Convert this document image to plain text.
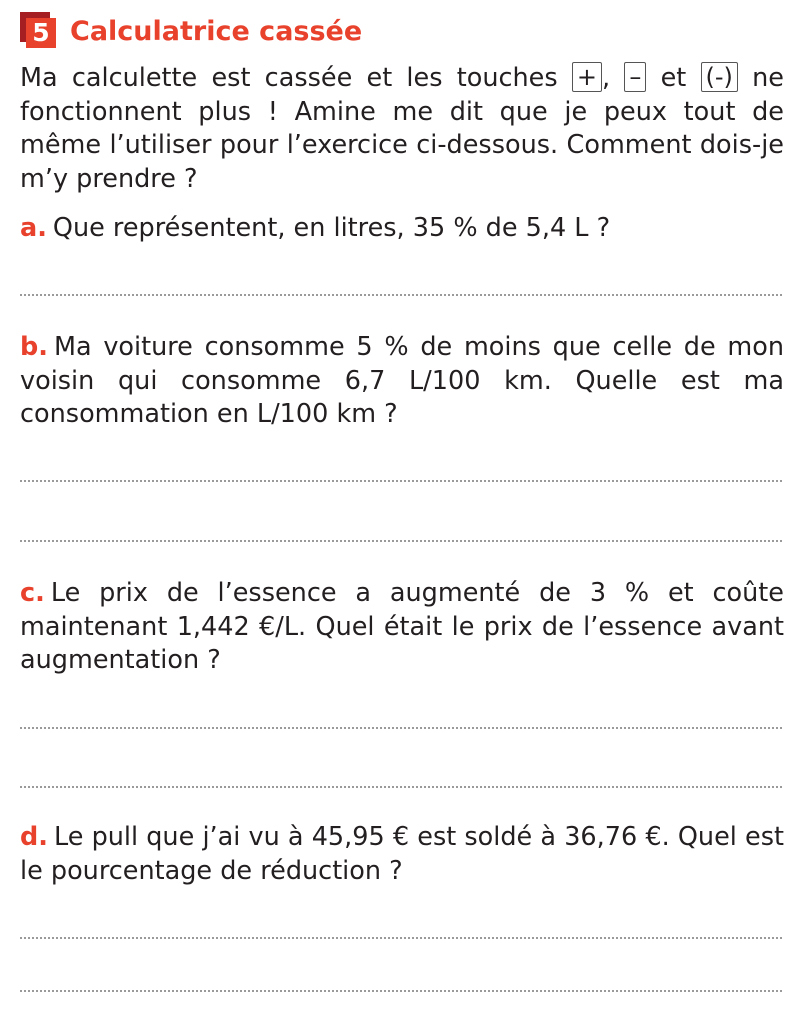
5 Calculatrice cassée
Ma calculette est cassée et les touches + , – et (-) ne fonctionnent plus ! Amine me dit que je peux tout de même l’utiliser pour l’exercice ci-dessous. Comment dois-je m’y prendre ?
a. Que représentent, en litres, 35 % de 5,4 L ?
b. Ma voiture consomme 5 % de moins que celle de mon voisin qui consomme 6,7 L/100 km. Quelle est ma consommation en L/100 km ?
c. Le prix de l’essence a augmenté de 3 % et coûte maintenant 1,442 €/L. Quel était le prix de l’essence avant augmentation ?
d. Le pull que j’ai vu à 45,95 € est soldé à 36,76 €. Quel est le pourcentage de réduction ?
